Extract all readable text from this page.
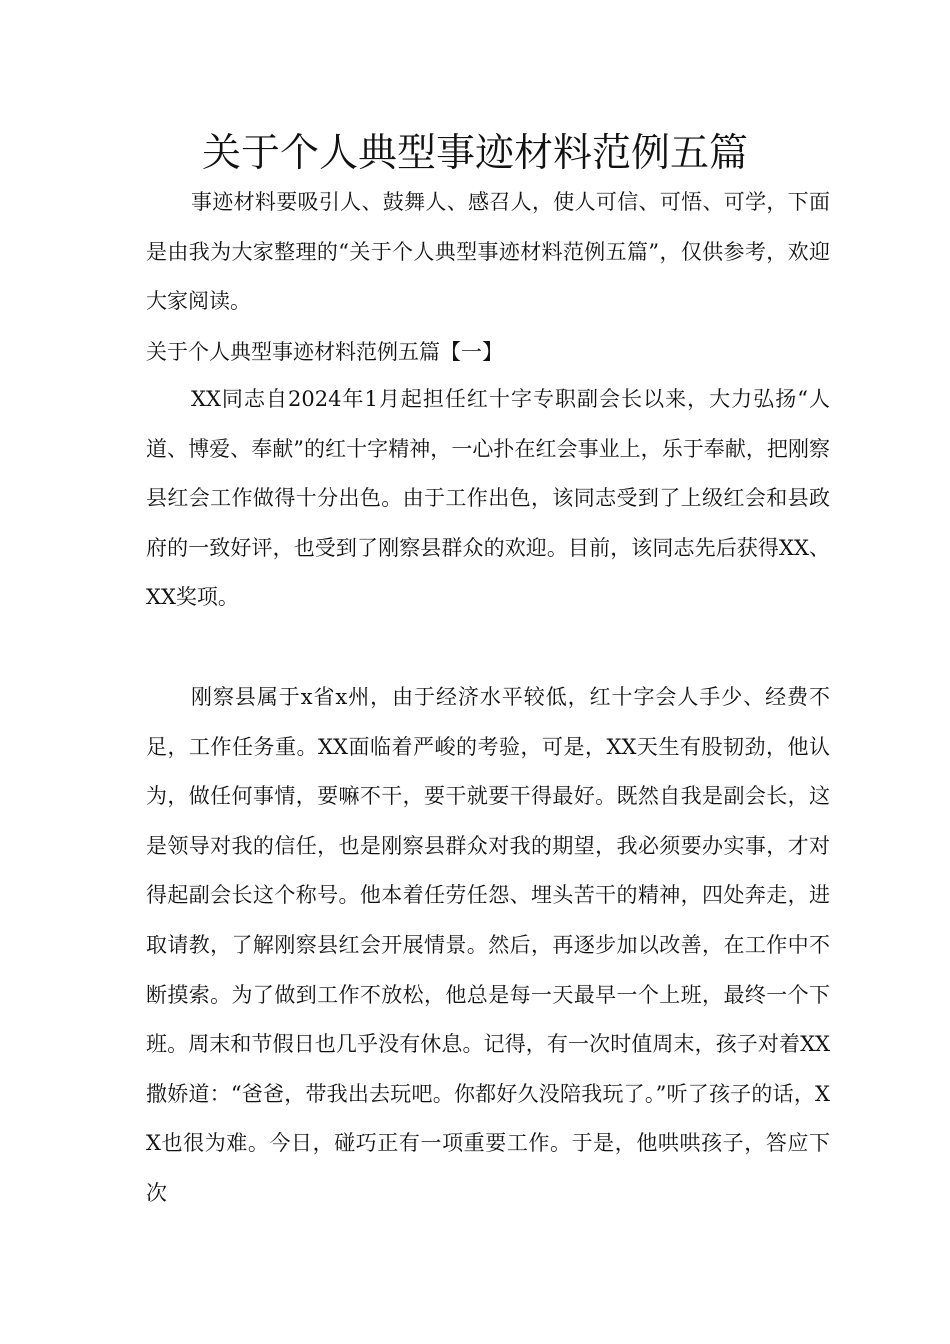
关于个人典型事迹材料范例五篇

事迹材料要吸引人、鼓舞人、感召人，使人可信、可悟、可学，下面是由我为大家整理的“关于个人典型事迹材料范例五篇”，仅供参考，欢迎大家阅读。

关于个人典型事迹材料范例五篇【一】

XX同志自2024年1月起担任红十字专职副会长以来，大力弘扬“人道、博爱、奉献”的红十字精神，一心扑在红会事业上，乐于奉献，把刚察县红会工作做得十分出色。由于工作出色，该同志受到了上级红会和县政府的一致好评，也受到了刚察县群众的欢迎。目前，该同志先后获得XX、XX奖项。

刚察县属于x省x州，由于经济水平较低，红十字会人手少、经费不足，工作任务重。XX面临着严峻的考验，可是，XX天生有股韧劲，他认为，做任何事情，要嘛不干，要干就要干得最好。既然自我是副会长，这是领导对我的信任，也是刚察县群众对我的期望，我必须要办实事，才对得起副会长这个称号。他本着任劳任怨、埋头苦干的精神，四处奔走，进取请教，了解刚察县红会开展情景。然后，再逐步加以改善，在工作中不断摸索。为了做到工作不放松，他总是每一天最早一个上班，最终一个下班。周末和节假日也几乎没有休息。记得，有一次时值周末，孩子对着XX撒娇道：“爸爸，带我出去玩吧。你都好久没陪我玩了。”听了孩子的话，XX也很为难。今日，碰巧正有一项重要工作。于是，他哄哄孩子，答应下次
